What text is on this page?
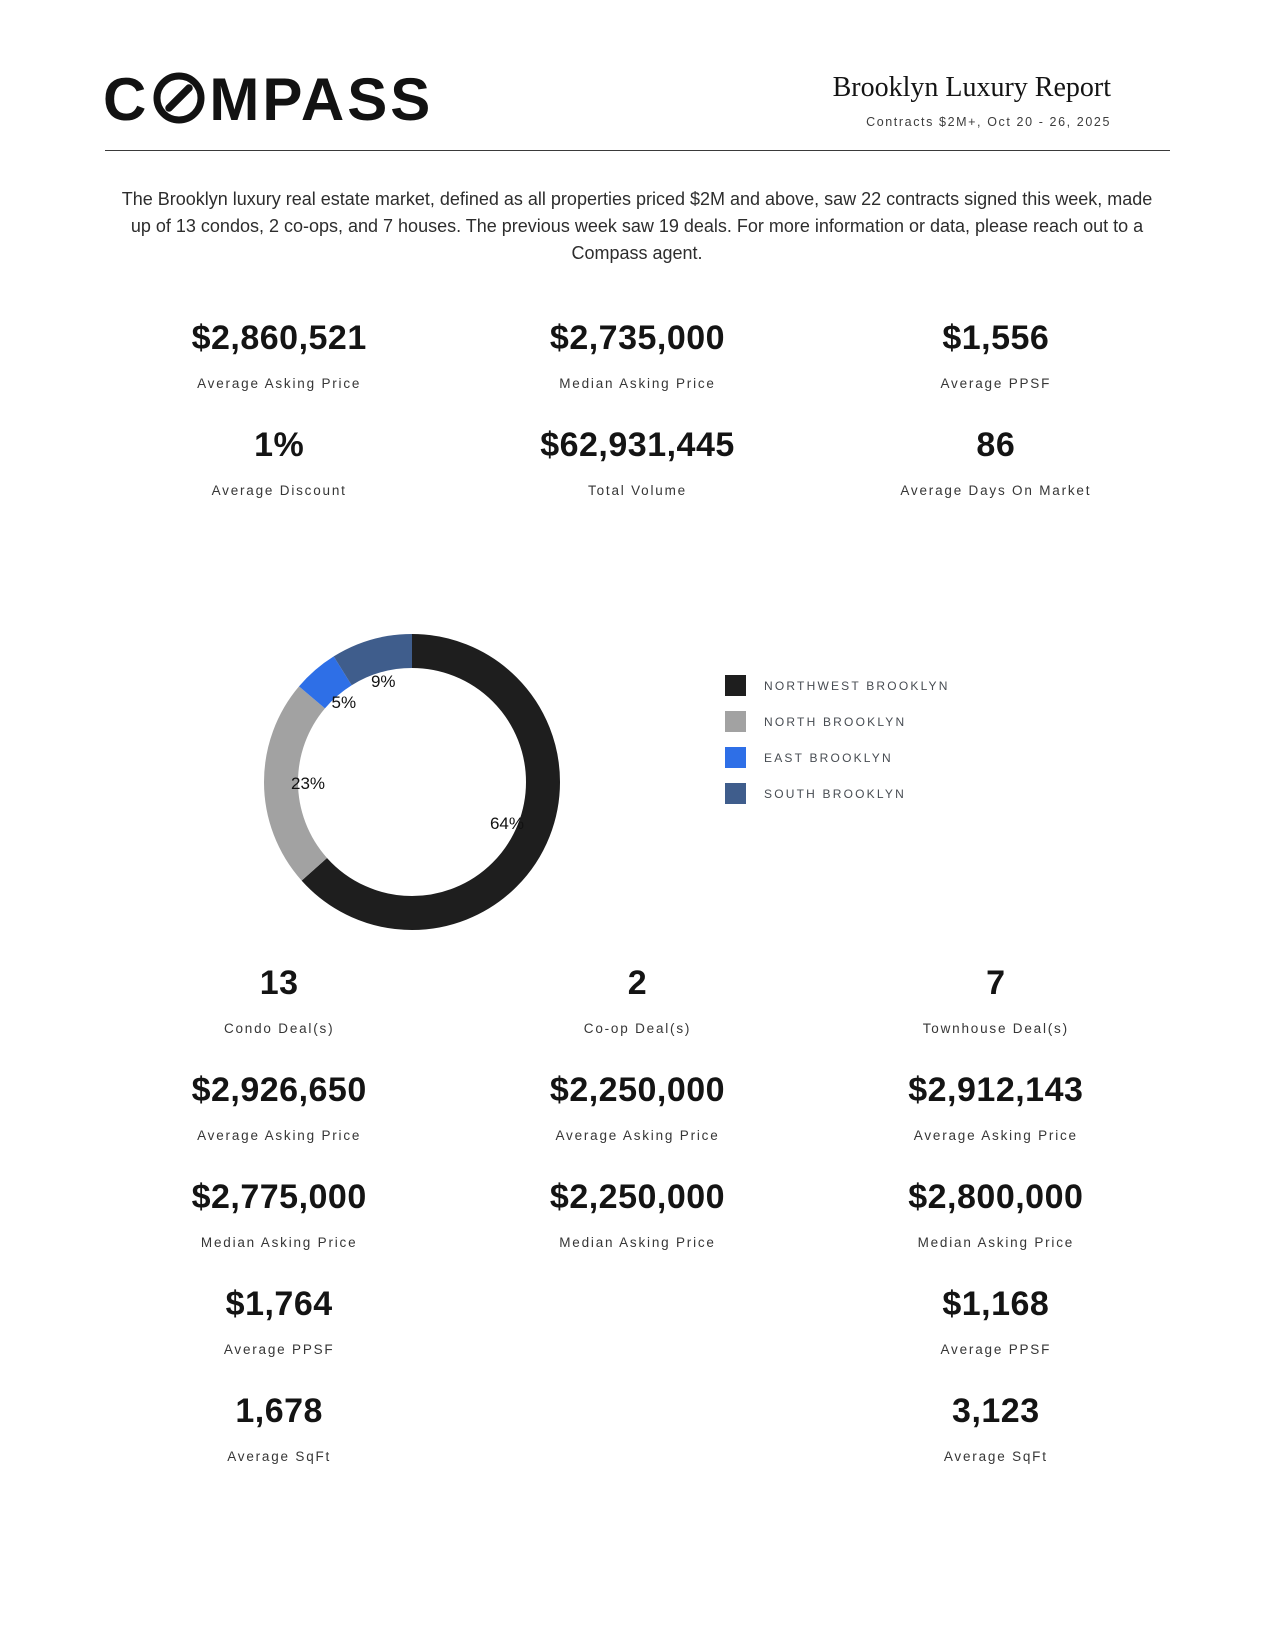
C MPASS	Brooklyn Luxury Report
Contracts $2M+, Oct 20 - 26, 2025
The Brooklyn luxury real estate market, defined as all properties priced $2M and above, saw 22 contracts signed this week, made up of 13 condos, 2 co-ops, and 7 houses. The previous week saw 19 deals. For more information or data, please reach out to a Compass agent.
$2,860,521
Average Asking Price
$2,735,000
Median Asking Price
$1,556
Average PPSF
1%
Average Discount
$62,931,445
Total Volume
86
Average Days On Market
64%
23%
5%
9%	NORTHWEST BROOKLYN
NORTH BROOKLYN
EAST BROOKLYN
SOUTH BROOKLYN
13
Condo Deal(s)
2
Co-op Deal(s)
7
Townhouse Deal(s)
$2,926,650
Average Asking Price
$2,250,000
Average Asking Price
$2,912,143
Average Asking Price
$2,775,000
Median Asking Price
$2,250,000
Median Asking Price
$2,800,000
Median Asking Price
$1,764
Average PPSF
$1,168
Average PPSF
1,678
Average SqFt
3,123
Average SqFt
